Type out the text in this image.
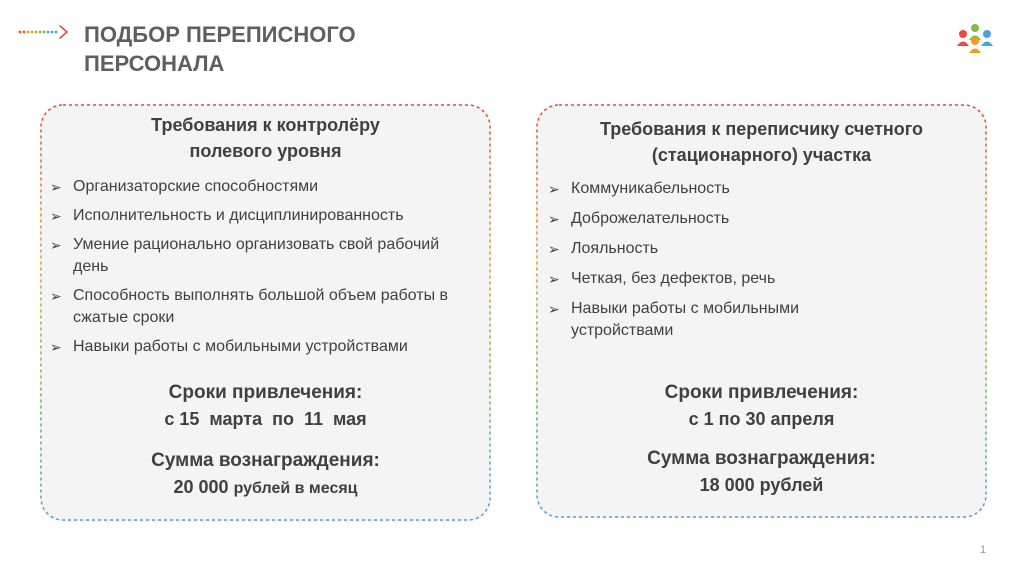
ПОДБОР ПЕРЕПИСНОГО
ПЕРСОНАЛА
Требования к контролёру
полевого уровня
➢ Организаторские способностями
➢ Исполнительность и дисциплинированность
➢ Умение рационально организовать свой рабочий день
➢ Способность выполнять большой объем работы в сжатые сроки
➢ Навыки работы с мобильными устройствами
Сроки привлечения:
с 15  марта  по  11  мая
Сумма вознаграждения:
20 000 рублей в месяц
Требования к переписчику счетного
(стационарного) участка
➢ Коммуникабельность
➢ Доброжелательность
➢ Лояльность
➢ Четкая, без дефектов, речь
➢ Навыки работы с мобильными устройствами
Сроки привлечения:
с 1 по 30 апреля
Сумма вознаграждения:
18 000 рублей
1
